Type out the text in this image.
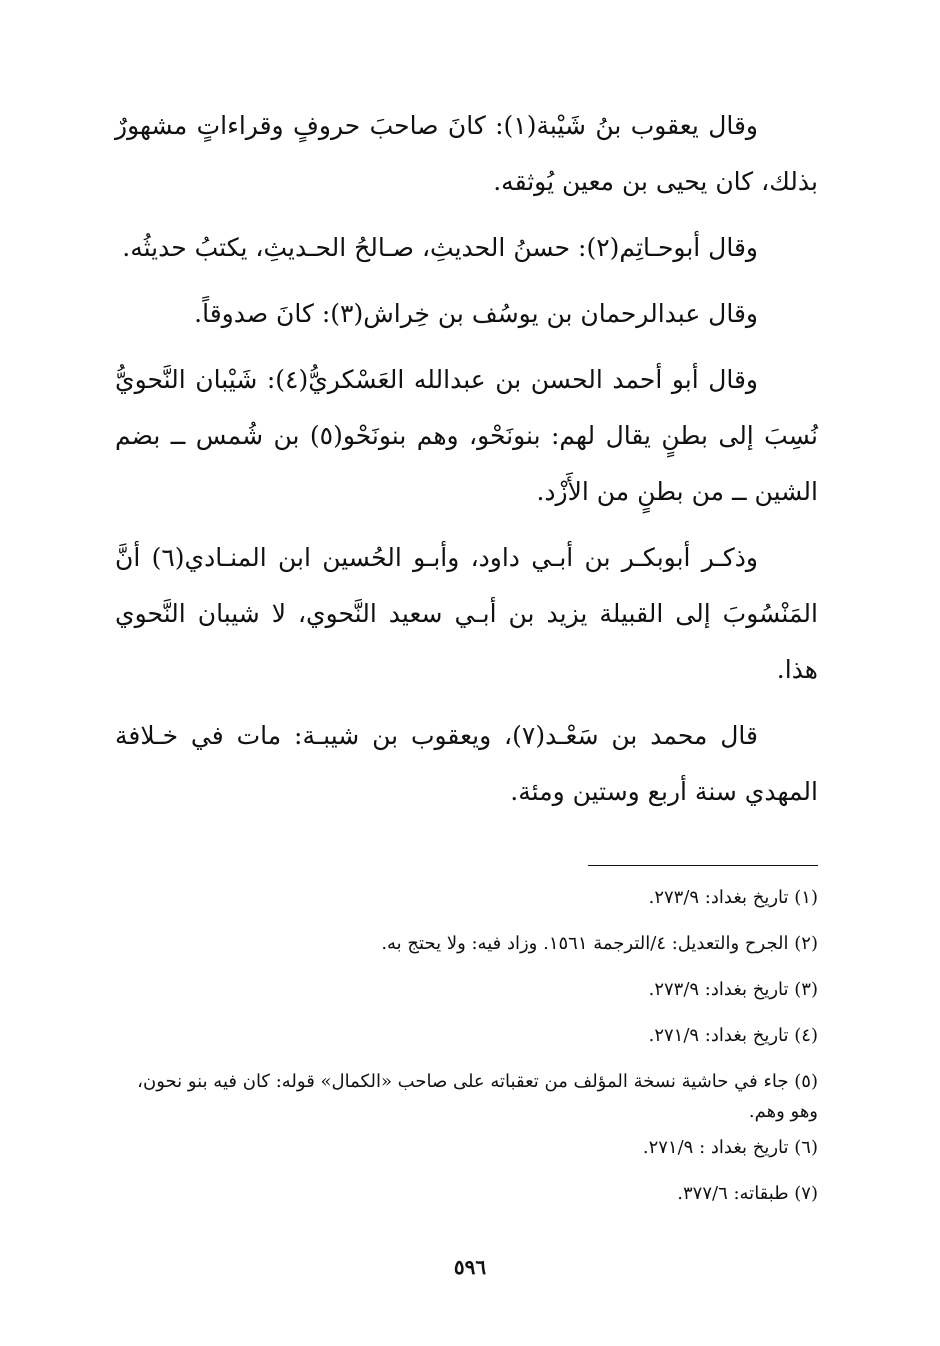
وقال يعقوب بنُ شَيْبة(١): كانَ صاحبَ حروفٍ وقراءاتٍ مشهورٌ بذلك، كان يحيى بن معين يُوثقه.

وقال أبوحـاتِم(٢): حسنُ الحديثِ، صـالحُ الحـديثِ، يكتبُ حديثُه.

وقال عبدالرحمان بن يوسُف بن خِراش(٣): كانَ صدوقاً.

وقال أبو أحمد الحسن بن عبدالله العَسْكريُّ(٤): شَيْبان النَّحويُّ نُسِبَ إلى بطنٍ يقال لهم: بنونَحْو، وهم بنونَحْو(٥) بن شُمس ــ بضم الشين ــ من بطنٍ من الأَزْد.

وذكـر أبوبكـر بن أبـي داود، وأبـو الحُسين ابن المنـادي(٦) أنَّ المَنْسُوبَ إلى القبيلة يزيد بن أبـي سعيد النَّحوي، لا شيبان النَّحوي هذا.

قال محمد بن سَعْـد(٧)، ويعقوب بن شيبـة: مات في خـلافة المهدي سنة أربع وستين ومئة.

(١) تاريخ بغداد: ٢٧٣/٩.

(٢) الجرح والتعديل: ٤/الترجمة ١٥٦١. وزاد فيه: ولا يحتج به.

(٣) تاريخ بغداد: ٢٧٣/٩.

(٤) تاريخ بغداد: ٢٧١/٩.

(٥) جاء في حاشية نسخة المؤلف من تعقباته على صاحب «الكمال» قوله: كان فيه بنو نحون، وهو وهم.

(٦) تاريخ بغداد : ٢٧١/٩.

(٧) طبقاته: ٣٧٧/٦.

٥٩٦
